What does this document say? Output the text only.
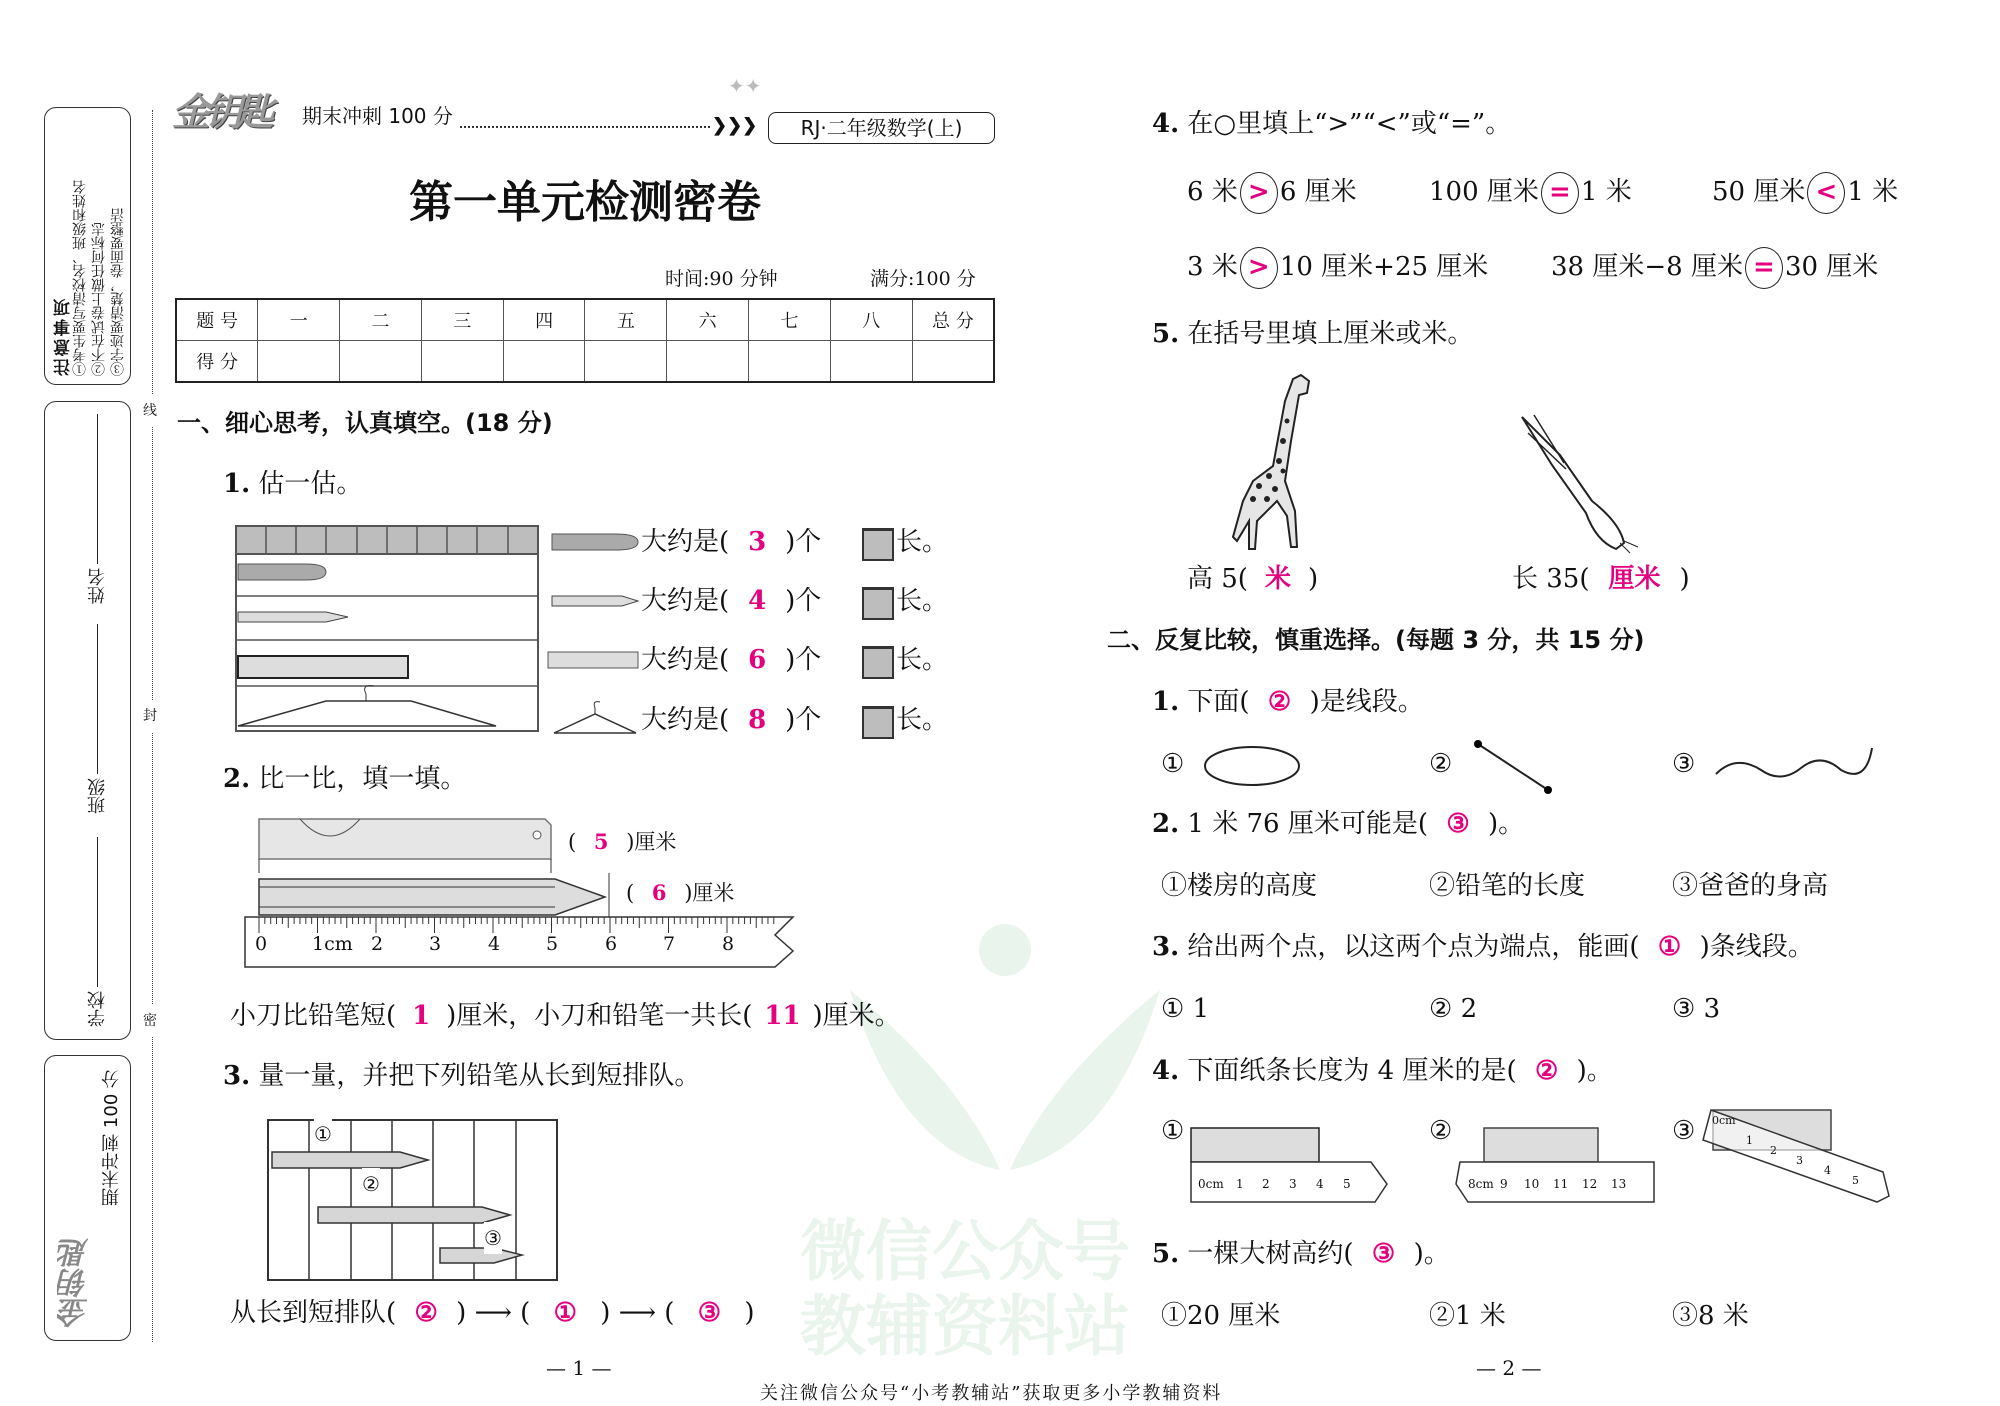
微信公众号
教辅资料站
注意事项
①考生要写清校名、班级和姓名 ②不在试卷上做任何标志 ③字迹要清楚，卷面要整洁
学校
班级
姓名
金钥匙
期末冲刺 100 分
线
封
密
金钥匙 期末冲刺 100 分	❯❯❯
✦✦
RJ·二年级数学(上)
第一单元检测密卷
时间:90 分钟	满分:100 分
题 号	一	二	三	四	五	六	七	八	总 分
得 分									
一、细心思考，认真填空。(18 分)
1. 估一估。
大约是( 3 )个
大约是( 4 )个
大约是( 6 )个
大约是( 8 )个
长。
长。
长。
长。
2. 比一比，填一填。
0 1cm 2 3 4 5 6 7 8
( 5 )厘米
( 6 )厘米
小刀比铅笔短( 1 )厘米，小刀和铅笔一共长( 11 )厘米。
3. 量一量，并把下列铅笔从长到短排队。
①
②
③
从长到短排队( ② ) ⟶ ( ① ) ⟶ ( ③ )
— 1 —
4. 在○里填上“>”“<”或“=”。
6 米 > 6 厘米	100 厘米 = 1 米	50 厘米 < 1 米
3 米 > 10 厘米+25 厘米 38 厘米−8 厘米 = 30 厘米
5. 在括号里填上厘米或米。
高 5( 米 )	长 35( 厘米 )
二、反复比较，慎重选择。(每题 3 分，共 15 分)
1. 下面( ② )是线段。
①	②	③
2. 1 米 76 厘米可能是( ③ )。
①楼房的高度	②铅笔的长度	③爸爸的身高
3. 给出两个点，以这两个点为端点，能画( ① )条线段。
① 1	② 2	③ 3
4. 下面纸条长度为 4 厘米的是( ② )。
①	②	③
0cm 1 2 3 4 5	8cm 9 10 11 12 13
0cm
1
2
3
4
5
5. 一棵大树高约( ③ )。
①20 厘米	②1 米	③8 米
— 2 —
关注微信公众号“小考教辅站”获取更多小学教辅资料
